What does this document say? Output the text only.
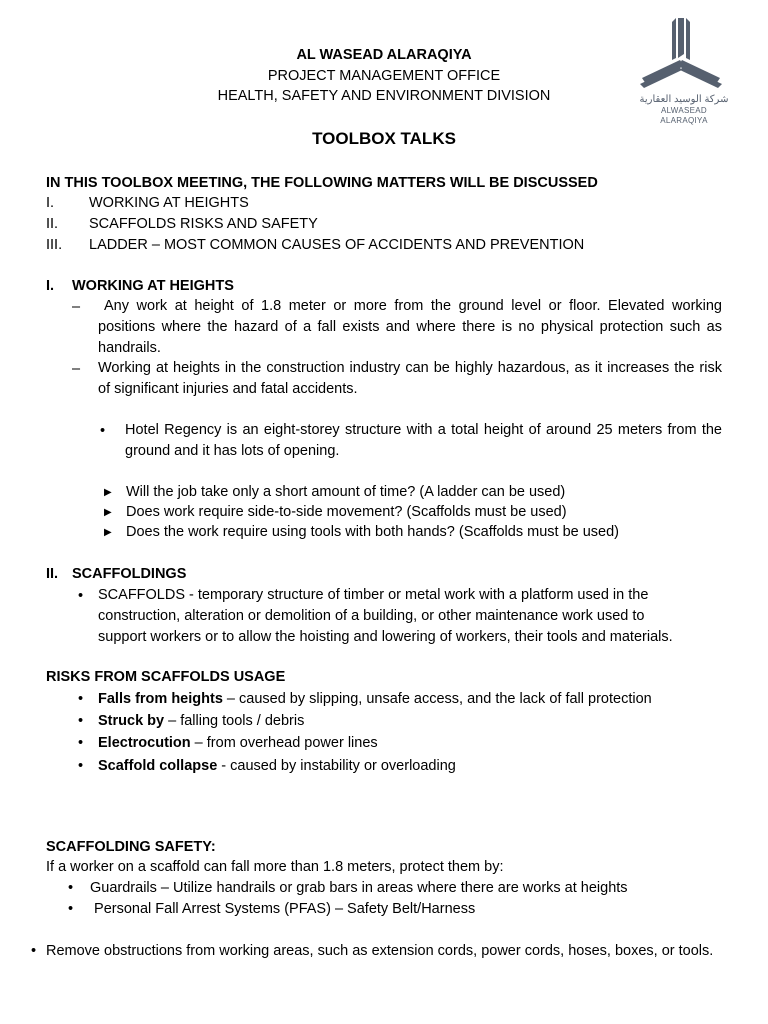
شركة الوسيد العقارية
ALWASEAD ALARAQIYA
AL WASEAD ALARAQIYA
PROJECT MANAGEMENT OFFICE
HEALTH, SAFETY AND ENVIRONMENT DIVISION
TOOLBOX TALKS
IN THIS TOOLBOX MEETING, THE FOLLOWING MATTERS WILL BE DISCUSSED
I. WORKING AT HEIGHTS
II. SCAFFOLDS RISKS AND SAFETY
III. LADDER – MOST COMMON CAUSES OF ACCIDENTS AND PREVENTION
I. WORKING AT HEIGHTS
–	Any work at height of 1.8 meter or more from the ground level or floor. Elevated working positions where the hazard of a fall exists and where there is no physical protection such as handrails.
– Working at heights in the construction industry can be highly hazardous, as it increases the risk of significant injuries and fatal accidents.
• Hotel Regency is an eight-storey structure with a total height of around 25 meters from the ground and it has lots of opening.
▶ Will the job take only a short amount of time? (A ladder can be used)
▶ Does work require side-to-side movement? (Scaffolds must be used)
▶ Does the work require using tools with both hands? (Scaffolds must be used)
II. SCAFFOLDINGS
• SCAFFOLDS - temporary structure of timber or metal work with a platform used in the construction, alteration or demolition of a building, or other maintenance work used to support workers or to allow the hoisting and lowering of workers, their tools and materials.
RISKS FROM SCAFFOLDS USAGE
• Falls from heights – caused by slipping, unsafe access, and the lack of fall protection
• Struck by – falling tools / debris
• Electrocution – from overhead power lines
• Scaffold collapse - caused by instability or overloading
SCAFFOLDING SAFETY:
If a worker on a scaffold can fall more than 1.8 meters, protect them by:
• Guardrails – Utilize handrails or grab bars in areas where there are works at heights
• Personal Fall Arrest Systems (PFAS) – Safety Belt/Harness
• Remove obstructions from working areas, such as extension cords, power cords, hoses, boxes, or tools.
